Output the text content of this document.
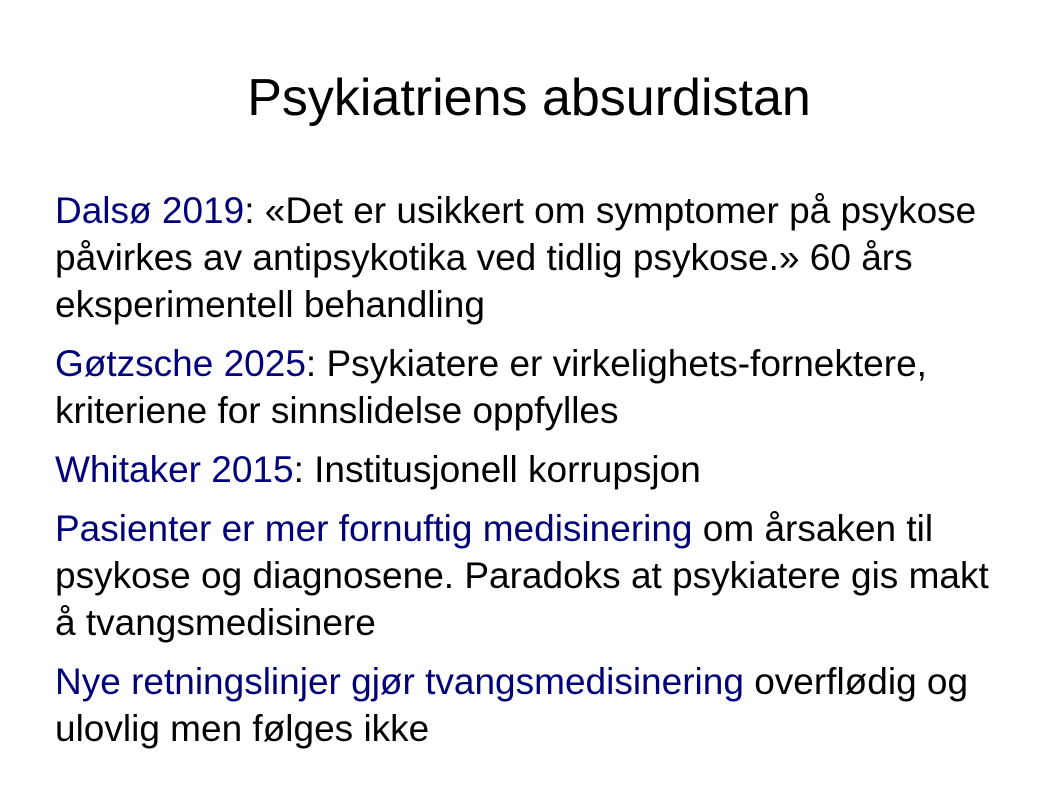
Psykiatriens absurdistan

Dalsø 2019: «Det er usikkert om symptomer på psykose påvirkes av antipsykotika ved tidlig psykose.» 60 års eksperimentell behandling

Gøtzsche 2025: Psykiatere er virkelighets-fornektere, kriteriene for sinnslidelse oppfylles

Whitaker 2015: Institusjonell korrupsjon

Pasienter er mer fornuftig medisinering om årsaken til psykose og diagnosene. Paradoks at psykiatere gis makt å tvangsmedisinere

Nye retningslinjer gjør tvangsmedisinering overflødig og ulovlig men følges ikke
